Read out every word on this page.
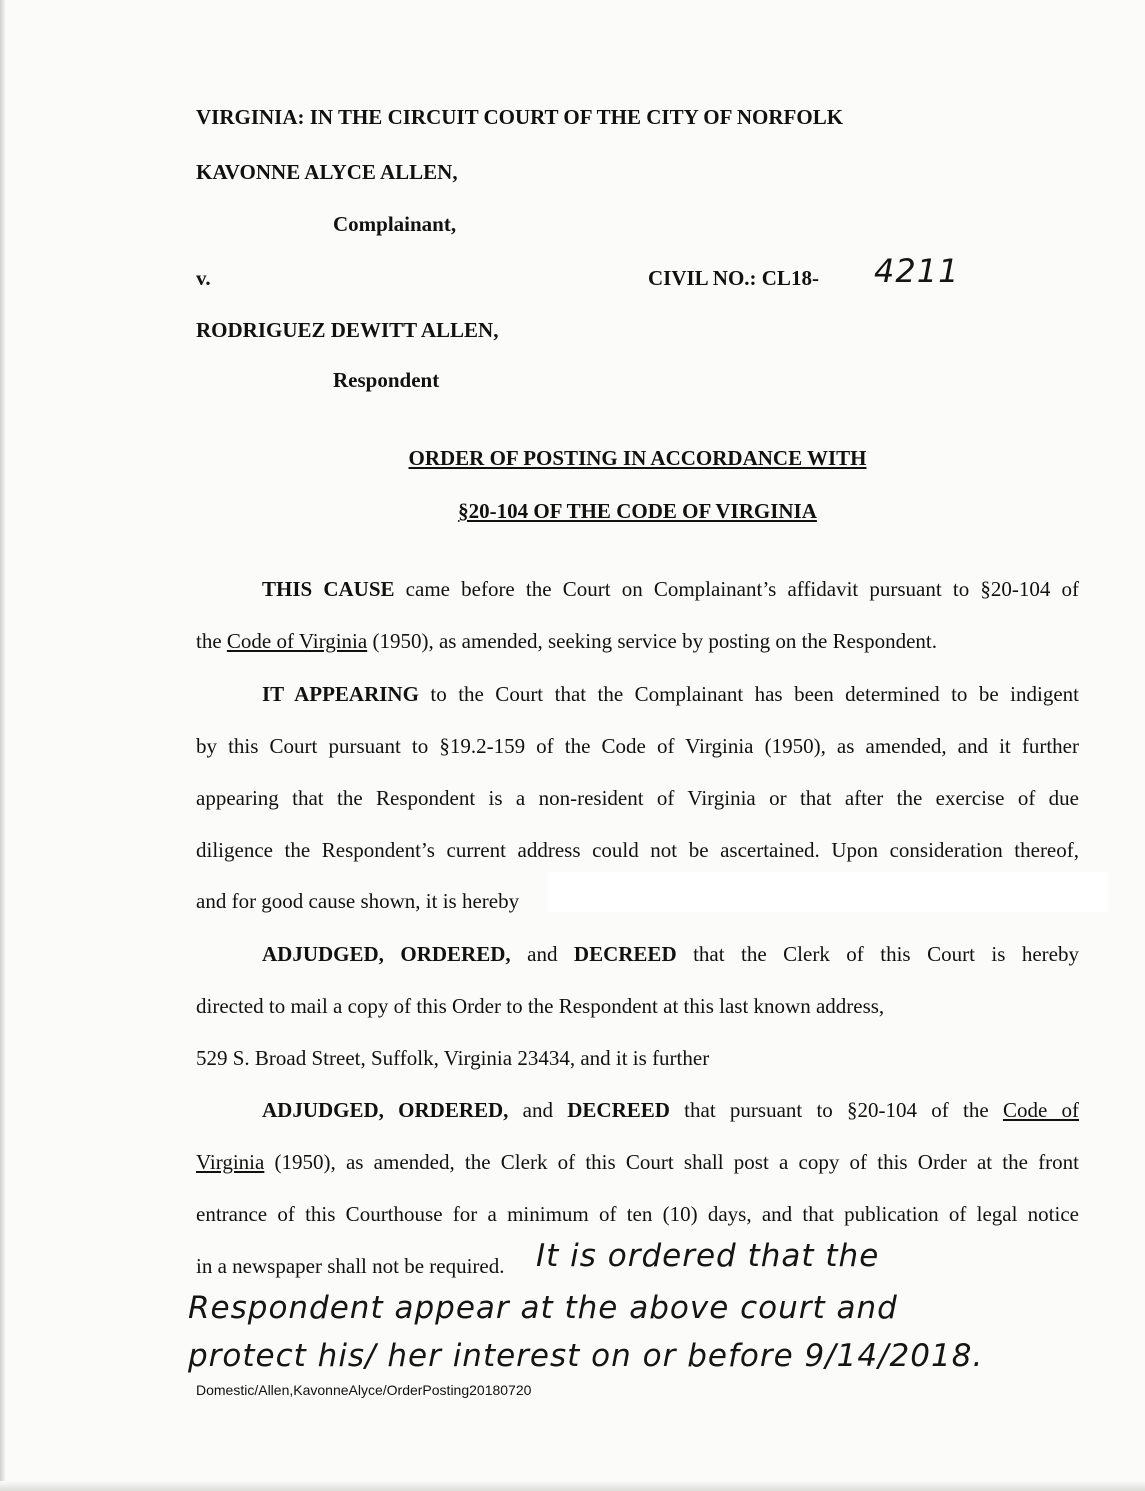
VIRGINIA: IN THE CIRCUIT COURT OF THE CITY OF NORFOLK
KAVONNE ALYCE ALLEN,
Complainant,
v.	CIVIL NO.: CL18- 4211
RODRIGUEZ DEWITT ALLEN,
Respondent
ORDER OF POSTING IN ACCORDANCE WITH
§20-104 OF THE CODE OF VIRGINIA
THIS CAUSE came before the Court on Complainant’s affidavit pursuant to §20-104 of
the Code of Virginia (1950), as amended, seeking service by posting on the Respondent.
IT APPEARING to the Court that the Complainant has been determined to be indigent
by this Court pursuant to §19.2-159 of the Code of Virginia (1950), as amended, and it further
appearing that the Respondent is a non-resident of Virginia or that after the exercise of due
diligence the Respondent’s current address could not be ascertained. Upon consideration thereof,
and for good cause shown, it is hereby
ADJUDGED, ORDERED, and DECREED that the Clerk of this Court is hereby
directed to mail a copy of this Order to the Respondent at this last known address,
529 S. Broad Street, Suffolk, Virginia 23434, and it is further
ADJUDGED, ORDERED, and DECREED that pursuant to §20-104 of the Code of
Virginia (1950), as amended, the Clerk of this Court shall post a copy of this Order at the front
entrance of this Courthouse for a minimum of ten (10) days, and that publication of legal notice
in a newspaper shall not be required. It is ordered that the
Respondent appear at the above court and
protect his/ her interest on or before 9/14/2018.
Domestic/Allen,KavonneAlyce/OrderPosting20180720
